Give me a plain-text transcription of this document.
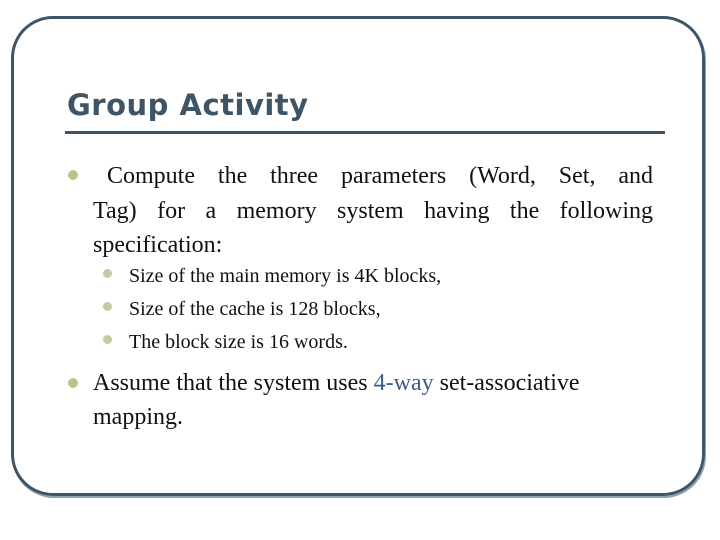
Group Activity
Compute the three parameters (Word, Set, and
Tag) for a memory system having the following
specification:
Size of the main memory is 4K blocks,
Size of the cache is 128 blocks,
The block size is 16 words.
Assume that the system uses 4-way set-associative
mapping.
